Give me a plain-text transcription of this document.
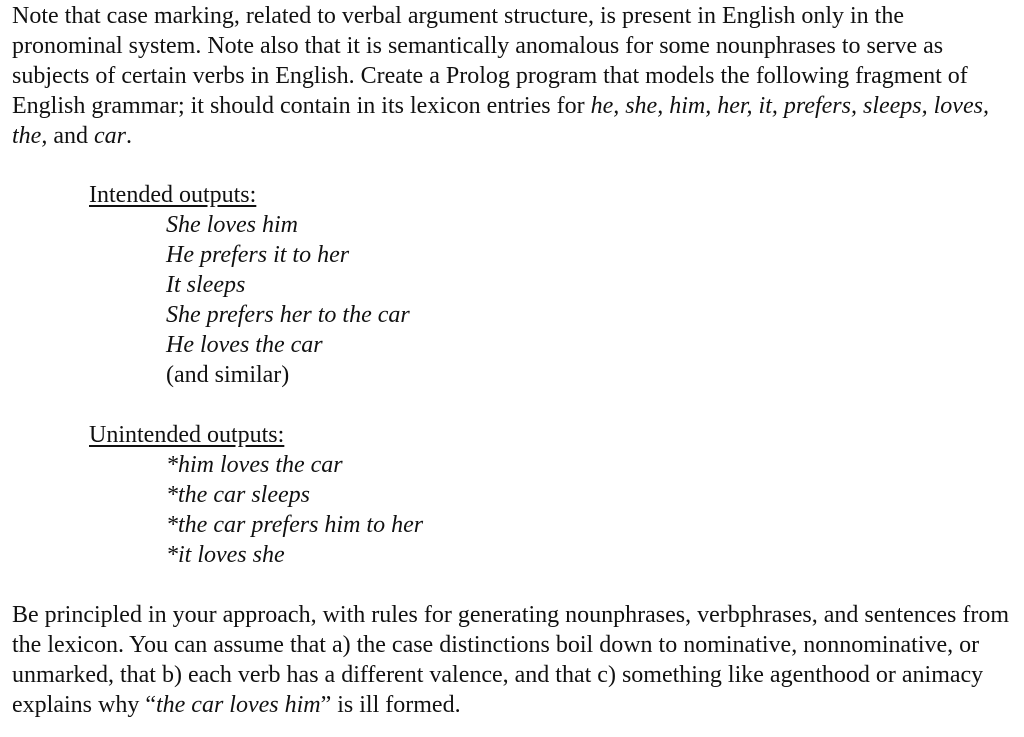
Note that case marking, related to verbal argument structure, is present in English only in the pronominal system. Note also that it is semantically anomalous for some nounphrases to serve as subjects of certain verbs in English. Create a Prolog program that models the following fragment of English grammar; it should contain in its lexicon entries for he, she, him, her, it, prefers, sleeps, loves, the, and car.

Intended outputs:
She loves him
He prefers it to her
It sleeps
She prefers her to the car
He loves the car
(and similar)
Unintended outputs:
*him loves the car
*the car sleeps
*the car prefers him to her
*it loves she

Be principled in your approach, with rules for generating nounphrases, verbphrases, and sentences from the lexicon. You can assume that a) the case distinctions boil down to nominative, nonnominative, or unmarked, that b) each verb has a different valence, and that c) something like agenthood or animacy explains why “the car loves him” is ill formed.
